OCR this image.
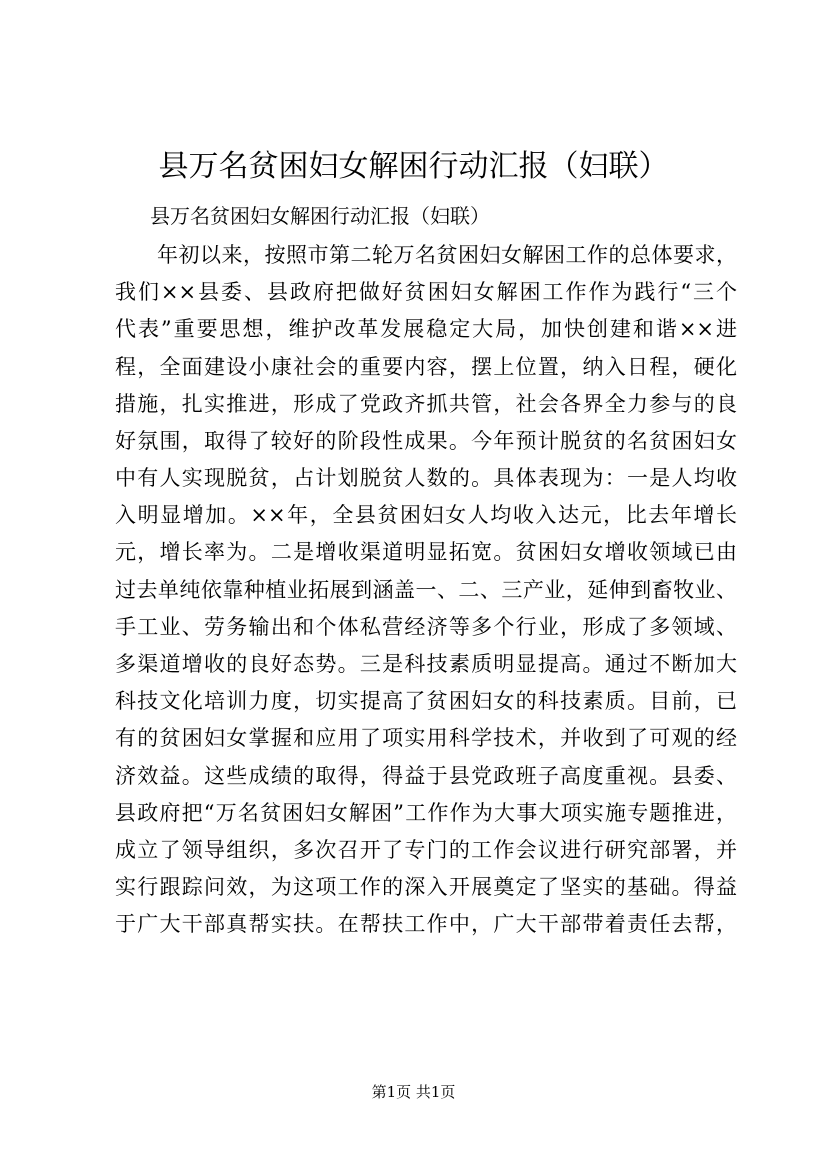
县万名贫困妇女解困行动汇报（妇联）
县万名贫困妇女解困行动汇报（妇联）
年初以来，按照市第二轮万名贫困妇女解困工作的总体要求，
我们××县委、县政府把做好贫困妇女解困工作作为践行“三个
代表”重要思想，维护改革发展稳定大局，加快创建和谐××进
程，全面建设小康社会的重要内容，摆上位置，纳入日程，硬化
措施，扎实推进，形成了党政齐抓共管，社会各界全力参与的良
好氛围，取得了较好的阶段性成果。今年预计脱贫的名贫困妇女
中有人实现脱贫，占计划脱贫人数的。具体表现为：一是人均收
入明显增加。××年，全县贫困妇女人均收入达元，比去年增长
元，增长率为。二是增收渠道明显拓宽。贫困妇女增收领域已由
过去单纯依靠种植业拓展到涵盖一、二、三产业，延伸到畜牧业、
手工业、劳务输出和个体私营经济等多个行业，形成了多领域、
多渠道增收的良好态势。三是科技素质明显提高。通过不断加大
科技文化培训力度，切实提高了贫困妇女的科技素质。目前，已
有的贫困妇女掌握和应用了项实用科学技术，并收到了可观的经
济效益。这些成绩的取得，得益于县党政班子高度重视。县委、
县政府把“万名贫困妇女解困”工作作为大事大项实施专题推进，
成立了领导组织，多次召开了专门的工作会议进行研究部署，并
实行跟踪问效，为这项工作的深入开展奠定了坚实的基础。得益
于广大干部真帮实扶。在帮扶工作中，广大干部带着责任去帮，
第1页 共1页
